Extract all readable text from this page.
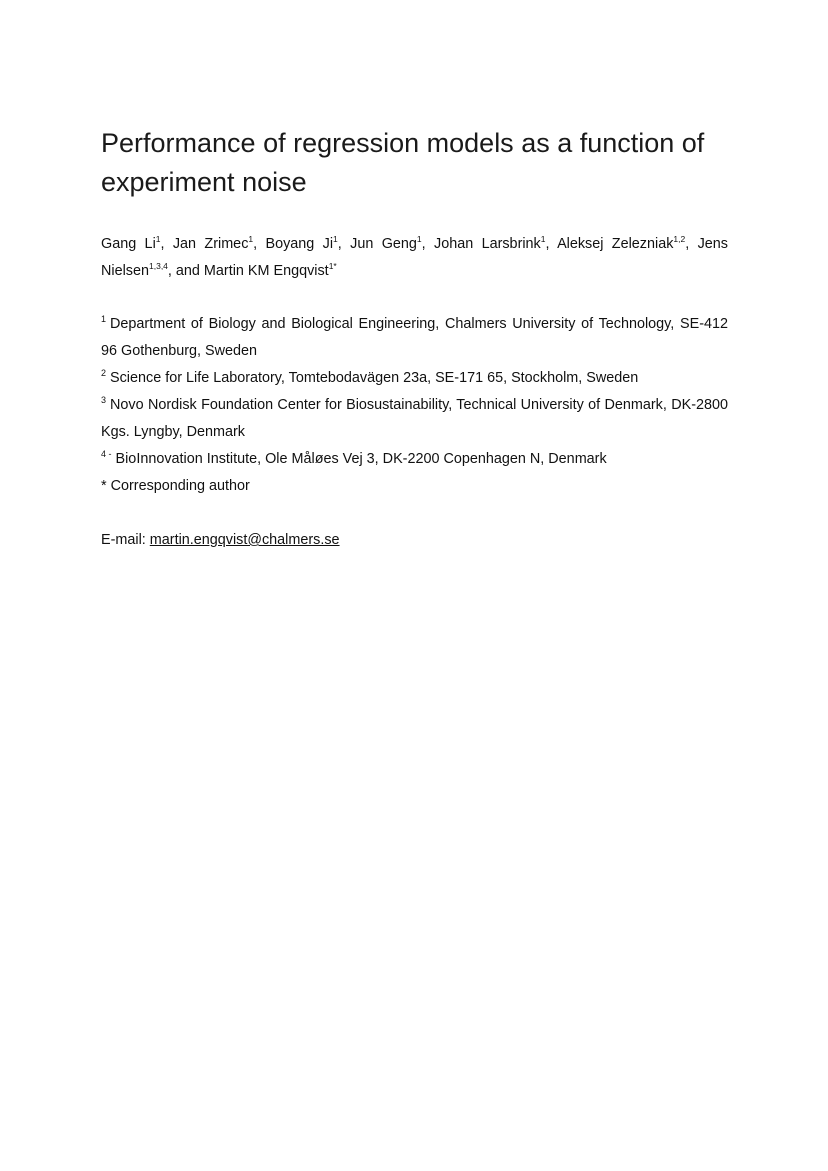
Performance of regression models as a function of experiment noise

Gang Li$^1$, Jan Zrimec$^1$, Boyang Ji$^1$, Jun Geng$^1$, Johan Larsbrink$^1$, Aleksej Zelezniak$^{1,2}$, Jens Nielsen$^{1,3,4}$, and Martin KM Engqvist$^{1*}$

$^1$ Department of Biology and Biological Engineering, Chalmers University of Technology, SE-412 96 Gothenburg, Sweden

$^2$ Science for Life Laboratory, Tomtebodavägen 23a, SE-171 65, Stockholm, Sweden

$^3$ Novo Nordisk Foundation Center for Biosustainability, Technical University of Denmark, DK-2800 Kgs. Lyngby, Denmark

$^{4 -}$ BioInnovation Institute, Ole Måløes Vej 3, DK-2200 Copenhagen N, Denmark

* Corresponding author

E-mail: martin.engqvist@chalmers.se
